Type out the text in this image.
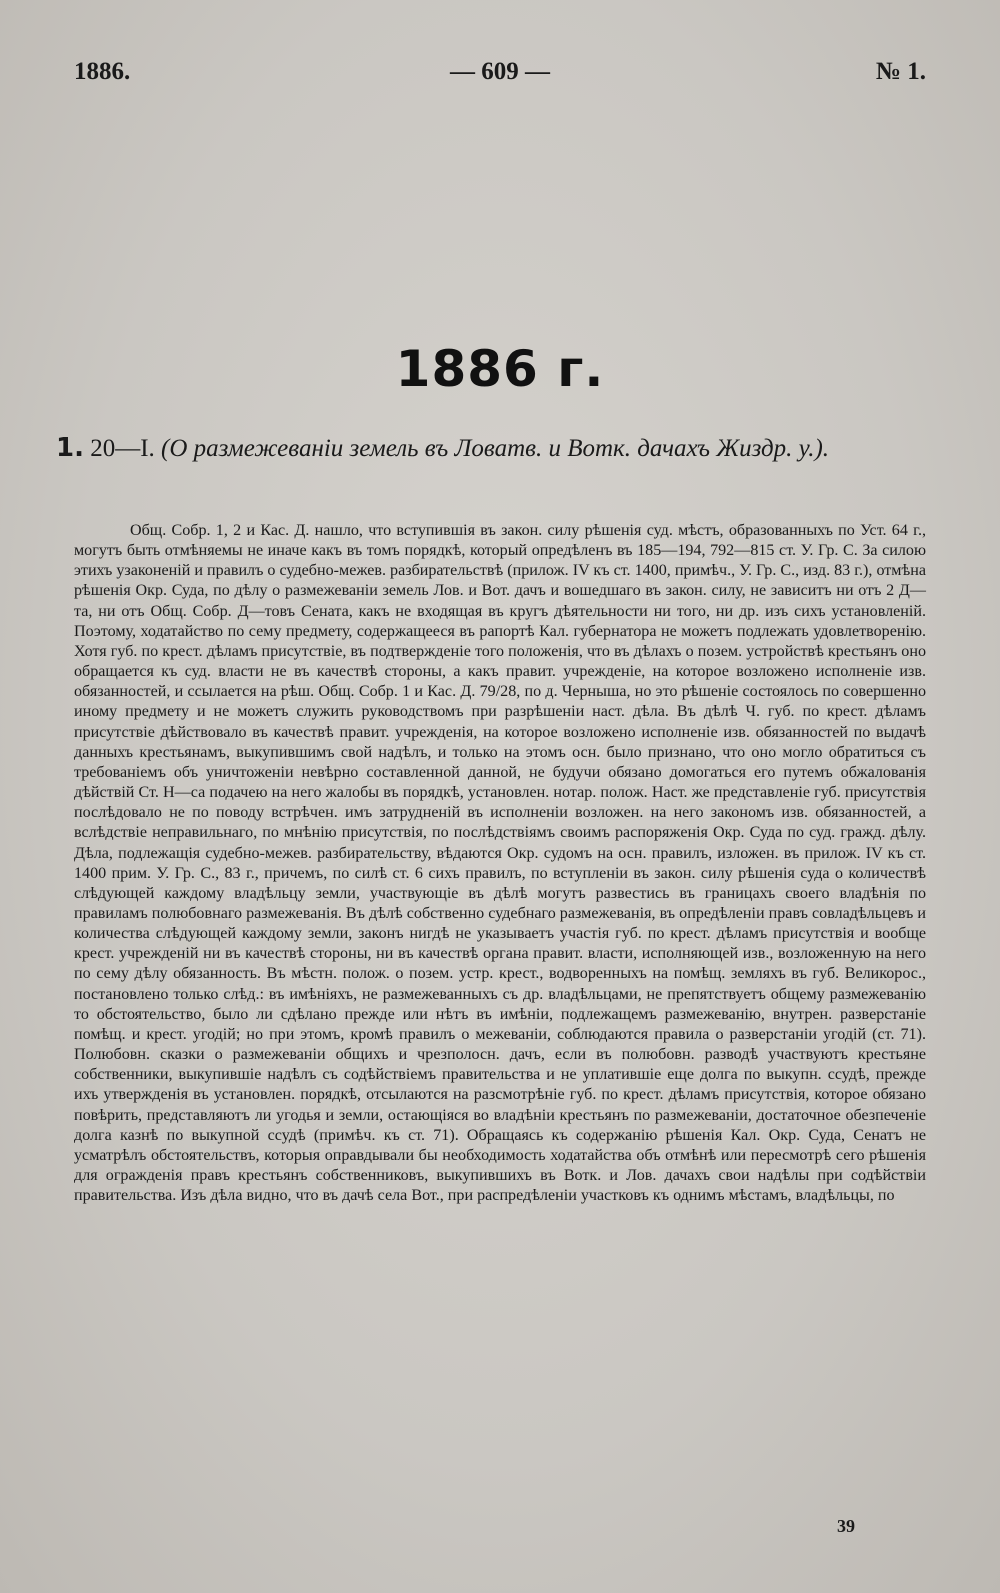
1886.	— 609 —	№ 1.
1886 г.
1. 20—I. (О размежеваніи земель въ Ловатв. и Вотк. дачахъ Жиздр. у.).

Общ. Собр. 1, 2 и Кас. Д. нашло, что вступившія въ закон. силу рѣшенія суд. мѣстъ, образованныхъ по Уст. 64 г., могутъ быть отмѣняемы не иначе какъ въ томъ порядкѣ, который опредѣленъ въ 185—194, 792—815 ст. У. Гр. С. За силою этихъ узаконеній и правилъ о судебно-межев. разбирательствѣ (прилож. IV къ ст. 1400, примѣч., У. Гр. С., изд. 83 г.), отмѣна рѣшенія Окр. Суда, по дѣлу о размежеваніи земель Лов. и Вот. дачъ и вошедшаго въ закон. силу, не зависитъ ни отъ 2 Д—та, ни отъ Общ. Собр. Д—товъ Сената, какъ не входящая въ кругъ дѣятельности ни того, ни др. изъ сихъ установленій. Поэтому, ходатайство по сему предмету, содержащееся въ рапортѣ Кал. губернатора не можетъ подлежать удовлетворенію. Хотя губ. по крест. дѣламъ присутствіе, въ подтвержденіе того положенія, что въ дѣлахъ о позем. устройствѣ крестьянъ оно обращается къ суд. власти не въ качествѣ стороны, а какъ правит. учрежденіе, на которое возложено исполненіе изв. обязанностей, и ссылается на рѣш. Общ. Собр. 1 и Кас. Д. 79/28, по д. Черныша, но это рѣшеніе состоялось по совершенно иному предмету и не можетъ служить руководствомъ при разрѣшеніи наст. дѣла. Въ дѣлѣ Ч. губ. по крест. дѣламъ присутствіе дѣйствовало въ качествѣ правит. учрежденія, на которое возложено исполненіе изв. обязанностей по выдачѣ данныхъ крестьянамъ, выкупившимъ свой надѣлъ, и только на этомъ осн. было признано, что оно могло обратиться съ требованіемъ объ уничтоженіи невѣрно составленной данной, не будучи обязано домогаться его путемъ обжалованія дѣйствій Ст. Н—са подачею на него жалобы въ порядкѣ, установлен. нотар. полож. Наст. же представленіе губ. присутствія послѣдовало не по поводу встрѣчен. имъ затрудненій въ исполненіи возложен. на него закономъ изв. обязанностей, а вслѣдствіе неправильнаго, по мнѣнію присутствія, по послѣдствіямъ своимъ распоряженія Окр. Суда по суд. гражд. дѣлу. Дѣла, подлежащія судебно-межев. разбирательству, вѣдаются Окр. судомъ на осн. правилъ, изложен. въ прилож. IV къ ст. 1400 прим. У. Гр. С., 83 г., причемъ, по силѣ ст. 6 сихъ правилъ, по вступленіи въ закон. силу рѣшенія суда о количествѣ слѣдующей каждому владѣльцу земли, участвующіе въ дѣлѣ могутъ развестись въ границахъ своего владѣнія по правиламъ полюбовнаго размежеванія. Въ дѣлѣ собственно судебнаго размежеванія, въ опредѣленіи правъ совладѣльцевъ и количества слѣдующей каждому земли, законъ нигдѣ не указываетъ участія губ. по крест. дѣламъ присутствія и вообще крест. учрежденій ни въ качествѣ стороны, ни въ качествѣ органа правит. власти, исполняющей изв., возложенную на него по сему дѣлу обязанность. Въ мѣстн. полож. о позем. устр. крест., водворенныхъ на помѣщ. земляхъ въ губ. Великорос., постановлено только слѣд.: въ имѣніяхъ, не размежеванныхъ съ др. владѣльцами, не препятствуетъ общему размежеванію то обстоятельство, было ли сдѣлано прежде или нѣтъ въ имѣніи, подлежащемъ размежеванію, внутрен. разверстаніе помѣщ. и крест. угодій; но при этомъ, кромѣ правилъ о межеваніи, соблюдаются правила о разверстаніи угодій (ст. 71). Полюбовн. сказки о размежеваніи общихъ и чрезполосн. дачъ, если въ полюбовн. разводѣ участвуютъ крестьяне собственники, выкупившіе надѣлъ съ содѣйствіемъ правительства и не уплатившіе еще долга по выкупн. ссудѣ, прежде ихъ утвержденія въ установлен. порядкѣ, отсылаются на разсмотрѣніе губ. по крест. дѣламъ присутствія, которое обязано повѣрить, представляютъ ли угодья и земли, остающіяся во владѣніи крестьянъ по размежеваніи, достаточное обезпеченіе долга казнѣ по выкупной ссудѣ (примѣч. къ ст. 71). Обращаясь къ содержанію рѣшенія Кал. Окр. Суда, Сенатъ не усматрѣлъ обстоятельствъ, которыя оправдывали бы необходимость ходатайства объ отмѣнѣ или пересмотрѣ сего рѣшенія для огражденія правъ крестьянъ собственниковъ, выкупившихъ въ Вотк. и Лов. дачахъ свои надѣлы при содѣйствіи правительства. Изъ дѣла видно, что въ дачѣ села Вот., при распредѣленіи участковъ къ однимъ мѣстамъ, владѣльцы, по

39
